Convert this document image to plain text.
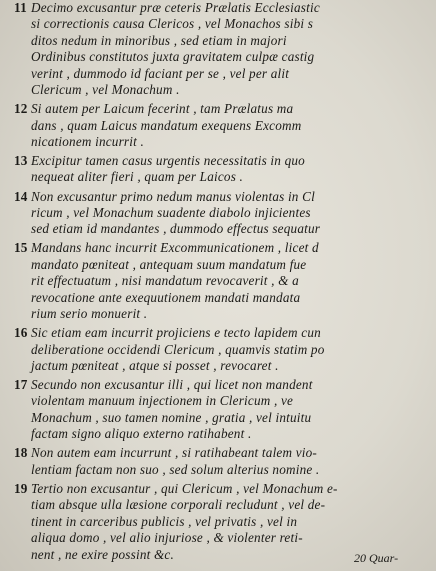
11 Decimo excusantur præ ceteris Prælatis Ecclesiastic
si correctionis causa Clericos , vel Monachos sibi s
ditos nedum in minoribus , sed etiam in majori
Ordinibus constitutos juxta gravitatem culpæ castig
verint , dummodo id faciant per se , vel per alit
Clericum , vel Monachum .
12 Si autem per Laicum fecerint , tam Prælatus ma
dans , quam Laicus mandatum exequens Excomm
nicationem incurrit .
13 Excipitur tamen casus urgentis necessitatis in quo
nequeat aliter fieri , quam per Laicos .
14 Non excusantur primo nedum manus violentas in Cl
ricum , vel Monachum suadente diabolo injicientes
sed etiam id mandantes , dummodo effectus sequatur
15 Mandans hanc incurrit Excommunicationem , licet d
mandato pœniteat , antequam suum mandatum fue
rit effectuatum , nisi mandatum revocaverit , & a
revocatione ante exequutionem mandati mandata
rium serio monuerit .
16 Sic etiam eam incurrit projiciens e tecto lapidem cun
deliberatione occidendi Clericum , quamvis statim po
jactum pœniteat , atque si posset , revocaret .
17 Secundo non excusantur illi , qui licet non mandent
violentam manuum injectionem in Clericum , ve
Monachum , suo tamen nomine , gratia , vel intuitu
factam signo aliquo externo ratihabent .
18 Non autem eam incurrunt , si ratihabeant talem vio-
lentiam factam non suo , sed solum alterius nomine .
19 Tertio non excusantur , qui Clericum , vel Monachum e-
tiam absque ulla læsione corporali recludunt , vel de-
tinent in carceribus publicis , vel privatis , vel in
aliqua domo , vel alio injuriose , & violenter reti-
nent , ne exire possint &c.	20 Quar-
